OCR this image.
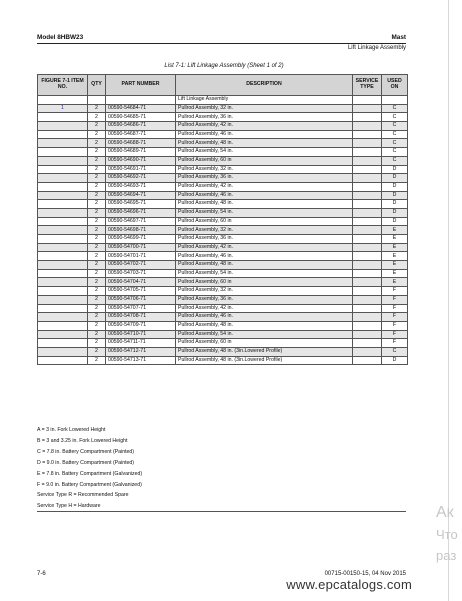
Model 8HBW23	Mast
Lift Linkage Assembly
List 7-1: Lift Linkage Assembly (Sheet 1 of 2)
FIGURE 7-1 ITEM NO.	QTY	PART NUMBER	DESCRIPTION	SERVICE TYPE	USED ON
			Lift Linkage Assembly		
1	2	00590-54684-71	Pullrod Assembly, 32 in.		C
	2	00590-54685-71	Pullrod Assembly, 36 in.		C
	2	00590-54686-71	Pullrod Assembly, 42 in.		C
	2	00590-54687-71	Pullrod Assembly, 46 in.		C
	2	00590-54688-71	Pullrod Assembly, 48 in.		C
	2	00590-54689-71	Pullrod Assembly, 54 in.		C
	2	00590-54690-71	Pullrod Assembly, 60 in		C
	2	00590-54691-71	Pullrod Assembly, 32 in.		D
	2	00590-54692-71	Pullrod Assembly, 36 in.		D
	2	00590-54693-71	Pullrod Assembly, 42 in.		D
	2	00590-54694-71	Pullrod Assembly, 46 in.		D
	2	00590-54695-71	Pullrod Assembly, 48 in.		D
	2	00590-54696-71	Pullrod Assembly, 54 in.		D
	2	00590-54697-71	Pullrod Assembly, 60 in		D
	2	00590-54698-71	Pullrod Assembly, 32 in.		E
	2	00590-54699-71	Pullrod Assembly, 36 in.		E
	2	00590-54700-71	Pullrod Assembly, 42 in.		E
	2	00590-54701-71	Pullrod Assembly, 46 in.		E
	2	00590-54702-71	Pullrod Assembly, 48 in.		E
	2	00590-54703-71	Pullrod Assembly, 54 in.		E
	2	00590-54704-71	Pullrod Assembly, 60 in		E
	2	00590-54705-71	Pullrod Assembly, 32 in.		F
	2	00590-54706-71	Pullrod Assembly, 36 in.		F
	2	00590-54707-71	Pullrod Assembly, 42 in.		F
	2	00590-54708-71	Pullrod Assembly, 46 in.		F
	2	00590-54709-71	Pullrod Assembly, 48 in.		F
	2	00590-54710-71	Pullrod Assembly, 54 in.		F
	2	00590-54711-71	Pullrod Assembly, 60 in		F
	2	00590-54712-71	Pullrod Assembly, 48 in. (3in.Lowered Profile)		C
	2	00590-54713-71	Pullrod Assembly, 48 in. (3in.Lowered Profile)		D
A = 3 in. Fork Lowered Height
B = 3 and 3.25 in. Fork Lowered Height
C = 7.8 in. Battery Compartment (Painted)
D = 9.0 in. Battery Compartment (Painted)
E = 7.8 in. Battery Compartment (Galvanized)
F = 9.0 in. Battery Compartment (Galvanized)
Service Type R = Recommended Spare
Service Type H = Hardware
7-6	00715-00150-15, 04 Nov 2015
www.epcatalogs.com
Ак
Что
раз
